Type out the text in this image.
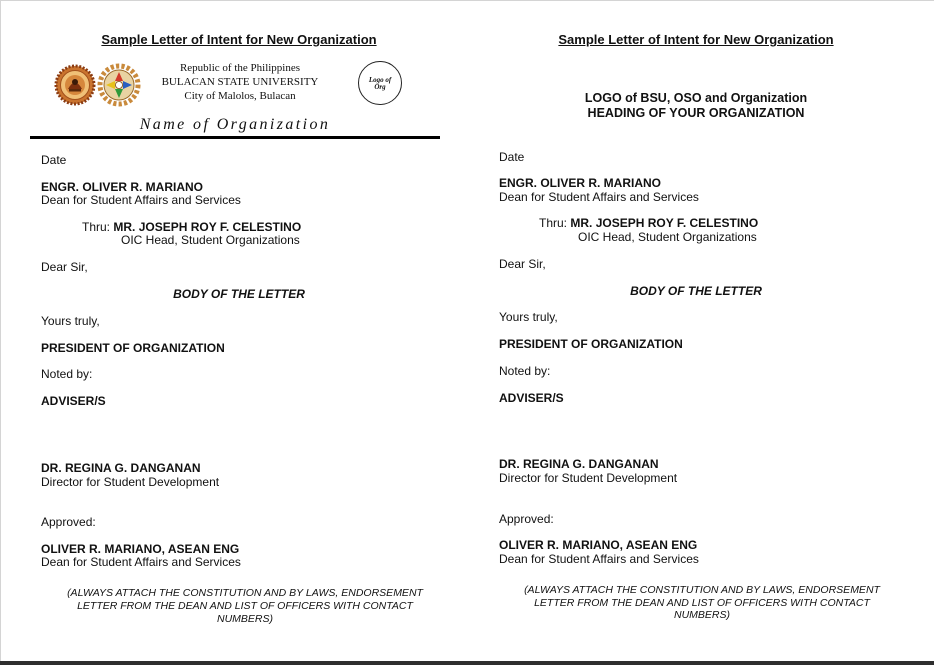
Sample Letter of Intent for New Organization
Republic of the Philippines
BULACAN STATE UNIVERSITY
City of Malolos, Bulacan
Logo of
Org
Name of Organization
Date
ENGR. OLIVER R. MARIANO
Dean for Student Affairs and Services
Thru: MR. JOSEPH ROY F. CELESTINO
OIC Head, Student Organizations
Dear Sir,
BODY OF THE LETTER
Yours truly,
PRESIDENT OF ORGANIZATION
Noted by:
ADVISER/S
DR. REGINA G. DANGANAN
Director for Student Development
Approved:
OLIVER R. MARIANO, ASEAN ENG
Dean for Student Affairs and Services
(ALWAYS ATTACH THE CONSTITUTION AND BY LAWS, ENDORSEMENT
LETTER FROM THE DEAN AND LIST OF OFFICERS WITH CONTACT
NUMBERS)
Sample Letter of Intent for New Organization
LOGO of BSU, OSO and Organization
HEADING OF YOUR ORGANIZATION
Date
ENGR. OLIVER R. MARIANO
Dean for Student Affairs and Services
Thru: MR. JOSEPH ROY F. CELESTINO
OIC Head, Student Organizations
Dear Sir,
BODY OF THE LETTER
Yours truly,
PRESIDENT OF ORGANIZATION
Noted by:
ADVISER/S
DR. REGINA G. DANGANAN
Director for Student Development
Approved:
OLIVER R. MARIANO, ASEAN ENG
Dean for Student Affairs and Services
(ALWAYS ATTACH THE CONSTITUTION AND BY LAWS, ENDORSEMENT
LETTER FROM THE DEAN AND LIST OF OFFICERS WITH CONTACT
NUMBERS)
